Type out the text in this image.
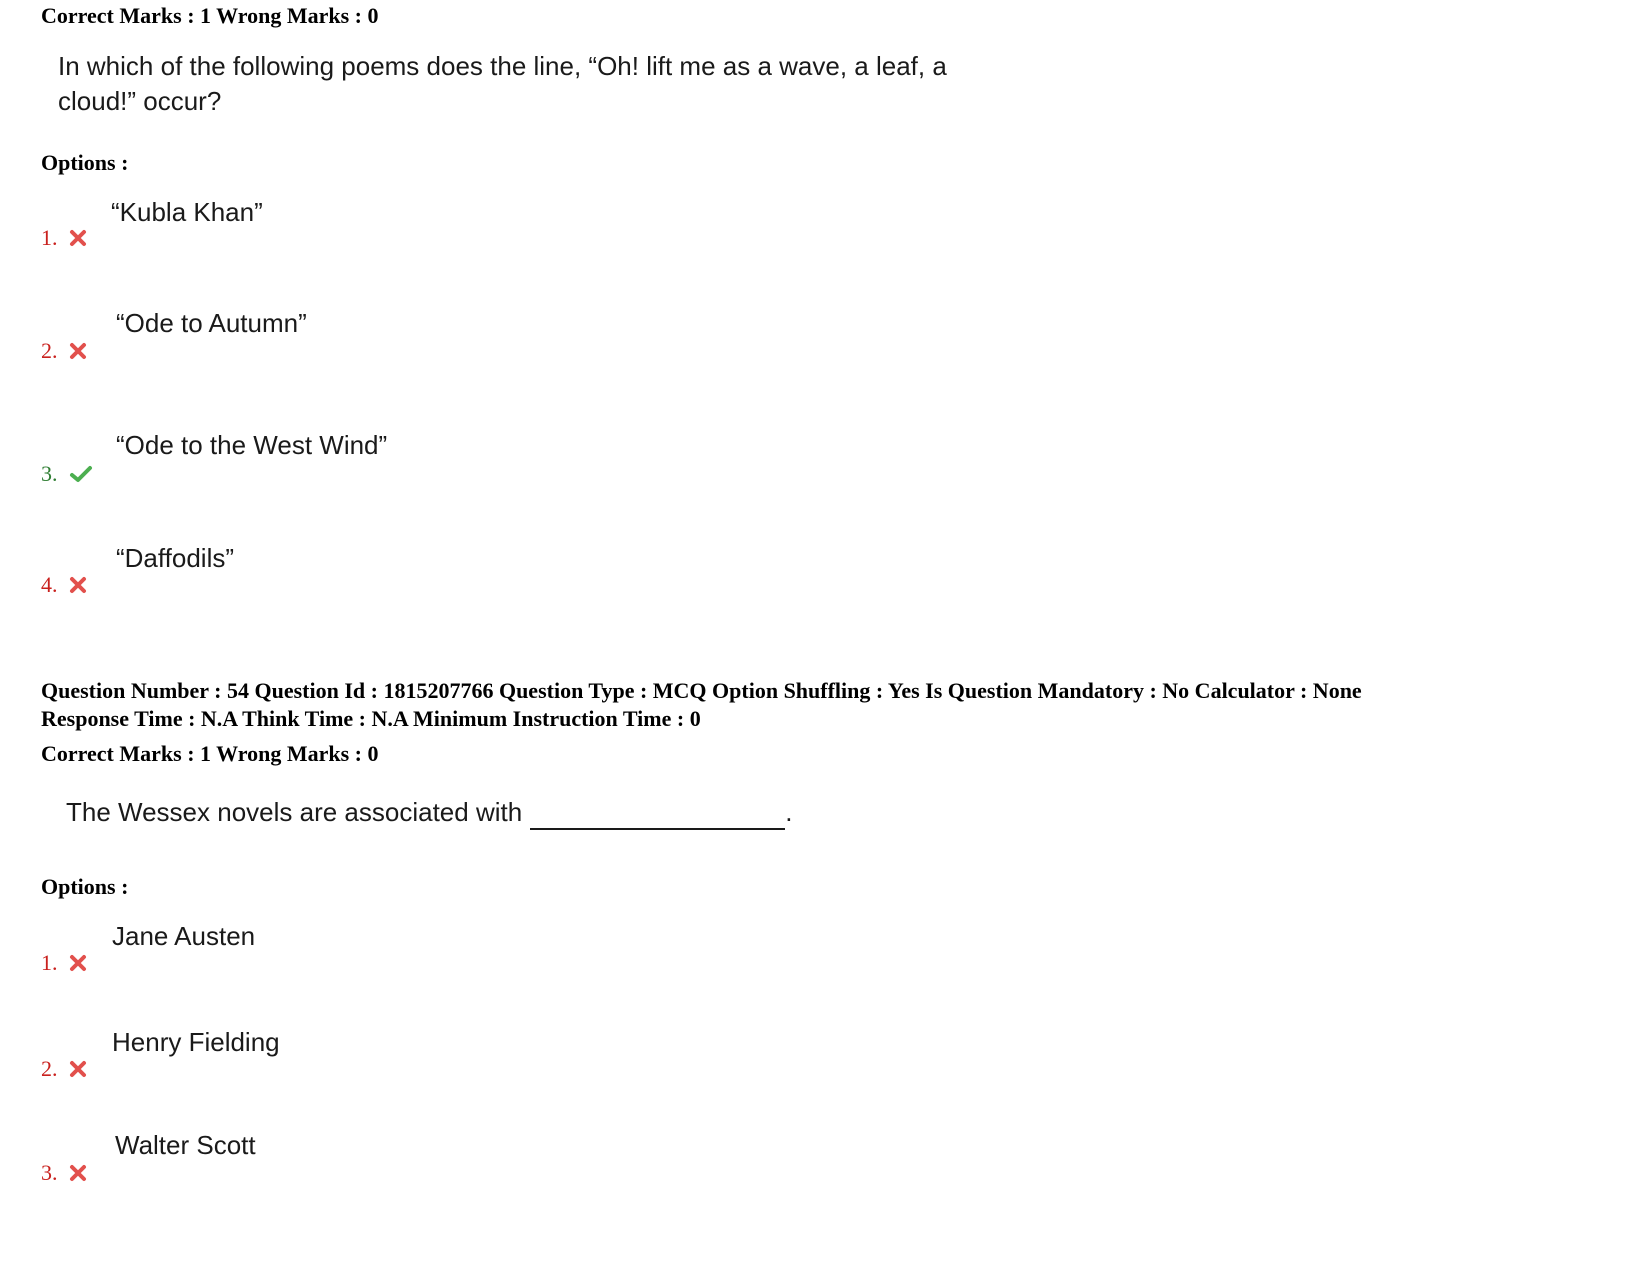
Correct Marks : 1 Wrong Marks : 0
In which of the following poems does the line, “Oh! lift me as a wave, a leaf, a
cloud!” occur?
Options :
“Kubla Khan”
1.
“Ode to Autumn”
2.
“Ode to the West Wind”
3.
“Daffodils”
4.
Question Number : 54 Question Id : 1815207766 Question Type : MCQ Option Shuffling : Yes Is Question Mandatory : No Calculator : None
Response Time : N.A Think Time : N.A Minimum Instruction Time : 0
Correct Marks : 1 Wrong Marks : 0
The Wessex novels are associated with	.
Options :
Jane Austen
1.
Henry Fielding
2.
Walter Scott
3.
